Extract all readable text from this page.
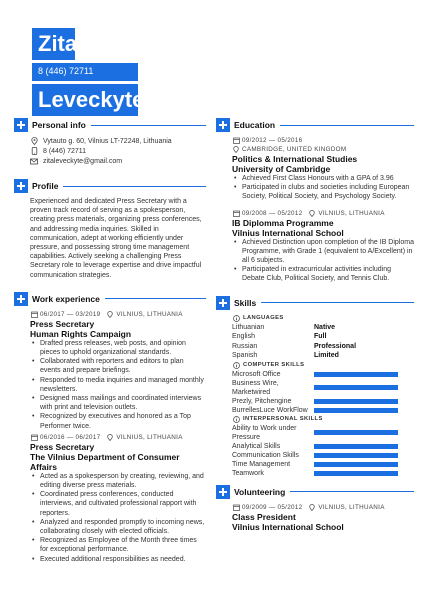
Zita

8 (446) 72711
Leveckyte
Personal info
Vytauto g. 60, Vilnius LT-72248, Lithuania
8 (446) 72711
zitaleveckyte@gmail.com
Profile
Experienced and dedicated Press Secretary with a proven track record of serving as a spokesperson, creating press materials, organizing press conferences, and addressing media inquiries. Skilled in communication, adept at working efficiently under pressure, and possessing strong time management capabilities. Actively seeking a challenging Press Secretary role to leverage expertise and drive impactful communication strategies.
Work experience
06/2017 — 03/2019	VILNIUS, LITHUANIA
Press Secretary
Human Rights Campaign
• Drafted press releases, web posts, and opinion pieces to uphold organizational standards.
• Collaborated with reporters and editors to plan events and prepare briefings.
• Responded to media inquiries and managed monthly newsletters.
• Designed mass mailings and coordinated interviews with print and television outlets.
• Recognized by executives and honored as a Top Performer twice.
06/2016 — 06/2017	VILNIUS, LITHUANIA
Press Secretary
The Vilnius Department of Consumer Affairs
• Acted as a spokesperson by creating, reviewing, and editing diverse press materials.
• Coordinated press conferences, conducted interviews, and cultivated professional rapport with reporters.
• Analyzed and responded promptly to incoming news, collaborating closely with elected officials.
• Recognized as Employee of the Month three times for exceptional performance.
• Executed additional responsibilities as needed.
Education
09/2012 — 05/2016
CAMBRIDGE, UNITED KINGDOM
Politics & International Studies
University of Cambridge
• Achieved First Class Honours with a GPA of 3.96
• Participated in clubs and societies including European Society, Political Society, and Psychology Society.
09/2008 — 05/2012	VILNIUS, LITHUANIA
IB Diplomma Programme
Vilnius International School
• Achieved Distinction upon completion of the IB Diploma Programme, with Grade 1 (equivalent to A/Excellent) in all 6 subjects.
• Participated in extracurricular activities including Debate Club, Political Society, and Tennis Club.
Skills
LANGUAGES
Lithuanian	Native
English	Full
Russian	Professional
Spanish	Limited
COMPUTER SKILLS
Microsoft Office
Business Wire, Marketwired
Prezly, Pitchengine
BurrellesLuce WorkFlow
INTERPERSONAL SKILLS
Ability to Work under Pressure
Analytical Skills
Communication Skills
Time Management
Teamwork
Volunteering
09/2009 — 05/2012	VILNIUS, LITHUANIA
Class President
Vilnius International School
